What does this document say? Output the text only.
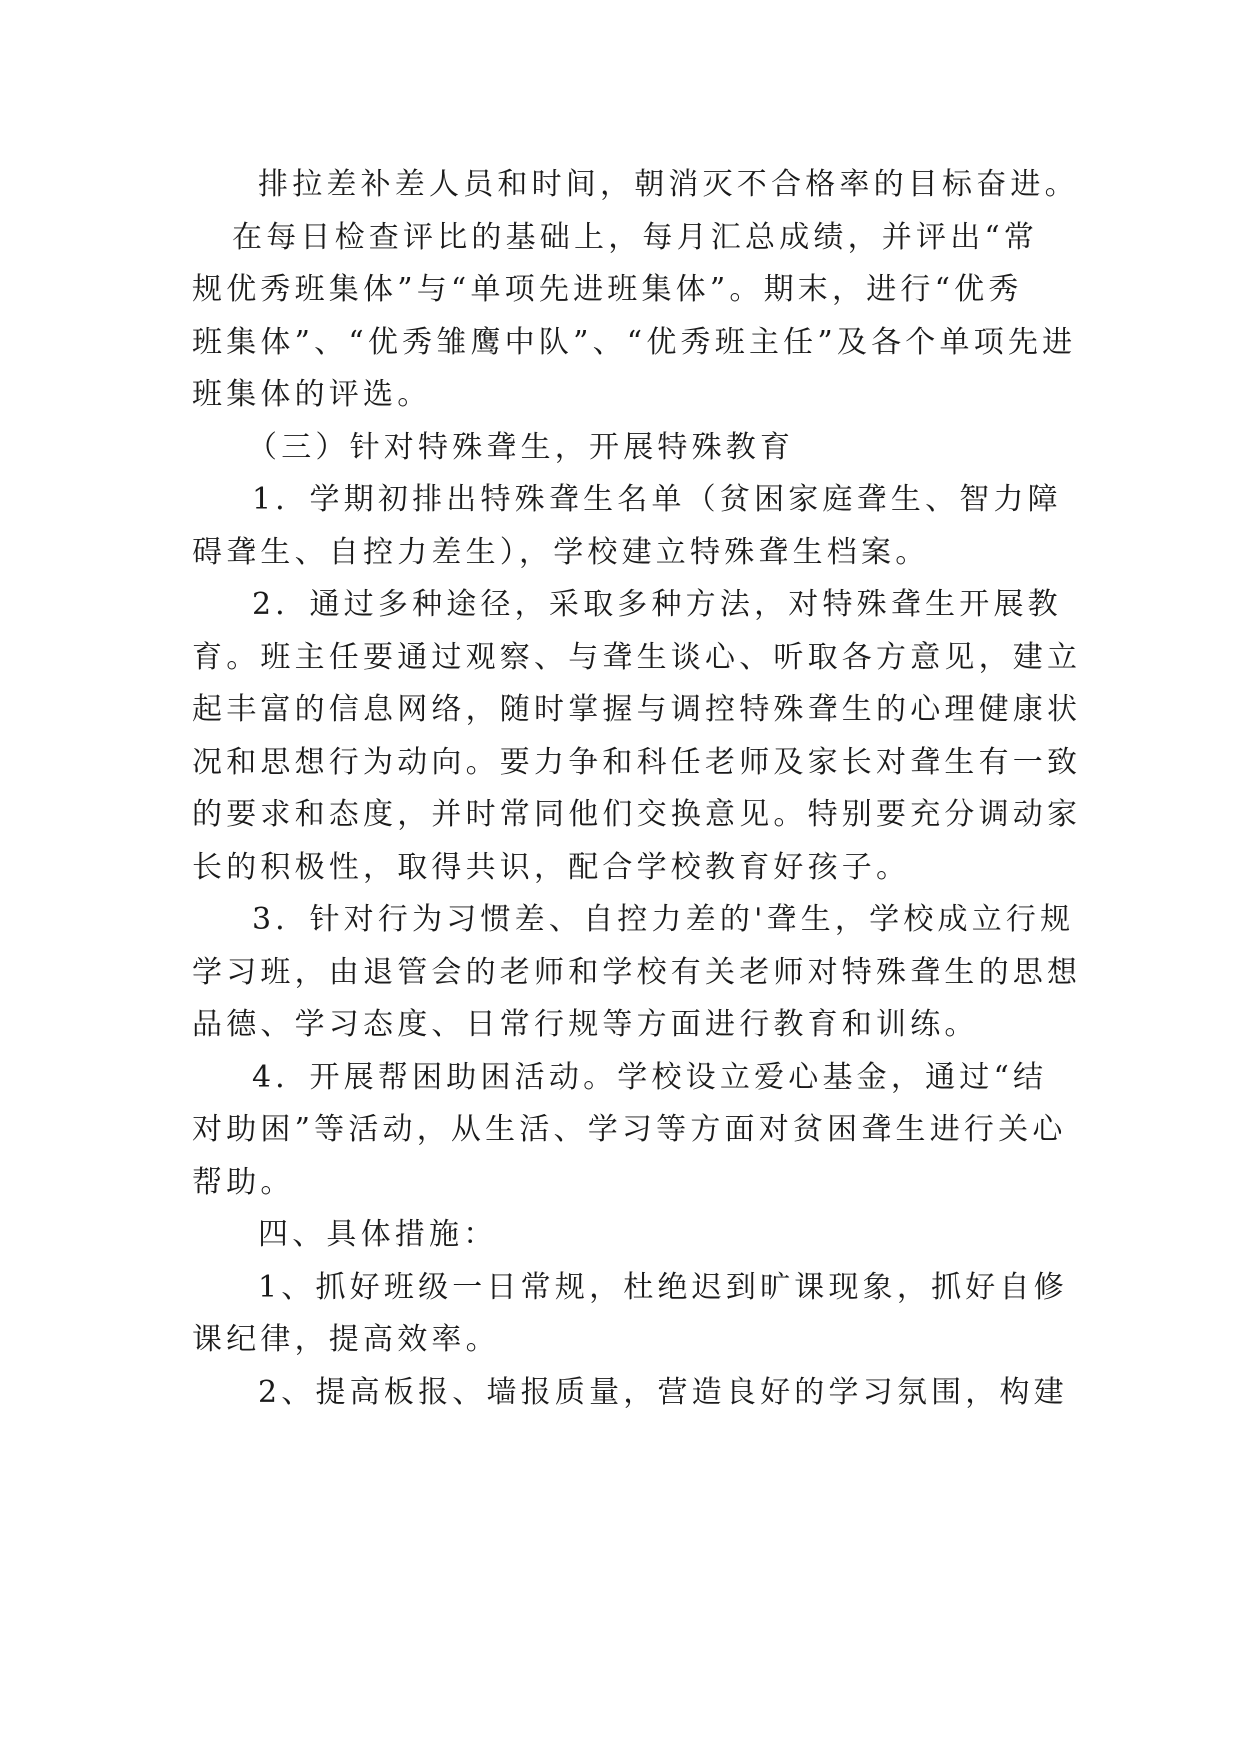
排拉差补差人员和时间，朝消灭不合格率的目标奋进。
在每日检查评比的基础上，每月汇总成绩，并评出“常
规优秀班集体”与“单项先进班集体”。期末，进行“优秀
班集体”、“优秀雏鹰中队”、“优秀班主任”及各个单项先进
班集体的评选。
（三）针对特殊聋生，开展特殊教育
1．学期初排出特殊聋生名单（贫困家庭聋生、智力障
碍聋生、自控力差生），学校建立特殊聋生档案。
2．通过多种途径，采取多种方法，对特殊聋生开展教
育。班主任要通过观察、与聋生谈心、听取各方意见，建立
起丰富的信息网络，随时掌握与调控特殊聋生的心理健康状
况和思想行为动向。要力争和科任老师及家长对聋生有一致
的要求和态度，并时常同他们交换意见。特别要充分调动家
长的积极性，取得共识，配合学校教育好孩子。
3．针对行为习惯差、自控力差的'聋生，学校成立行规
学习班，由退管会的老师和学校有关老师对特殊聋生的思想
品德、学习态度、日常行规等方面进行教育和训练。
4．开展帮困助困活动。学校设立爱心基金，通过“结
对助困”等活动，从生活、学习等方面对贫困聋生进行关心
帮助。
四、具体措施：
1、抓好班级一日常规，杜绝迟到旷课现象，抓好自修
课纪律，提高效率。
2、提高板报、墙报质量，营造良好的学习氛围，构建
